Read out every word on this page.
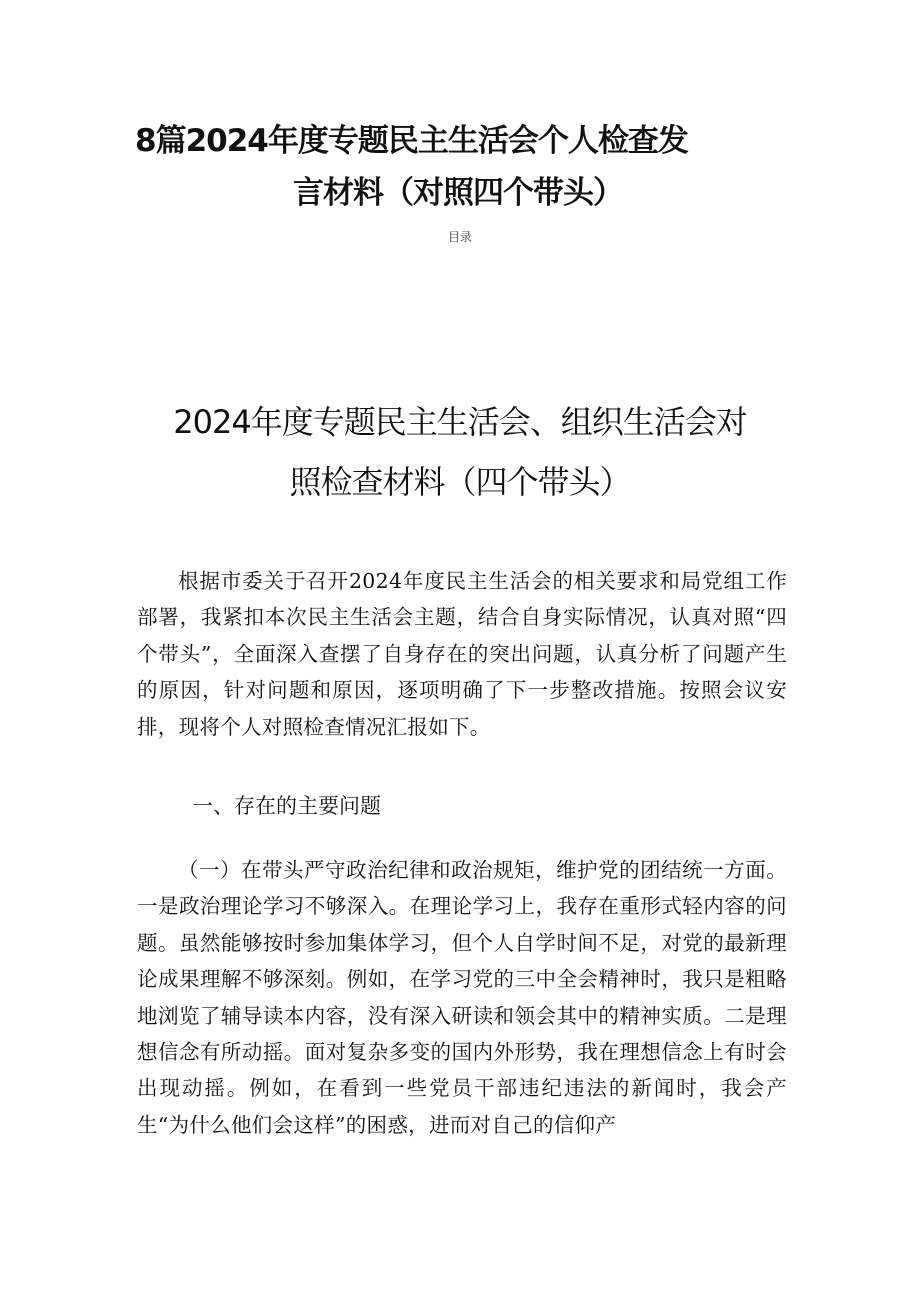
8篇2024年度专题民主生活会个人检查发
言材料（对照四个带头）
目录
2024年度专题民主生活会、组织生活会对
照检查材料（四个带头）

根据市委关于召开2024年度民主生活会的相关要求和局党组工作部署，我紧扣本次民主生活会主题，结合自身实际情况，认真对照“四个带头”，全面深入查摆了自身存在的突出问题，认真分析了问题产生的原因，针对问题和原因，逐项明确了下一步整改措施。按照会议安排，现将个人对照检查情况汇报如下。

一、存在的主要问题

（一）在带头严守政治纪律和政治规矩，维护党的团结统一方面。一是政治理论学习不够深入。在理论学习上，我存在重形式轻内容的问题。虽然能够按时参加集体学习，但个人自学时间不足，对党的最新理论成果理解不够深刻。例如，在学习党的三中全会精神时，我只是粗略地浏览了辅导读本内容，没有深入研读和领会其中的精神实质。二是理想信念有所动摇。面对复杂多变的国内外形势，我在理想信念上有时会出现动摇。例如，在看到一些党员干部违纪违法的新闻时，我会产生“为什么他们会这样”的困惑，进而对自己的信仰产
